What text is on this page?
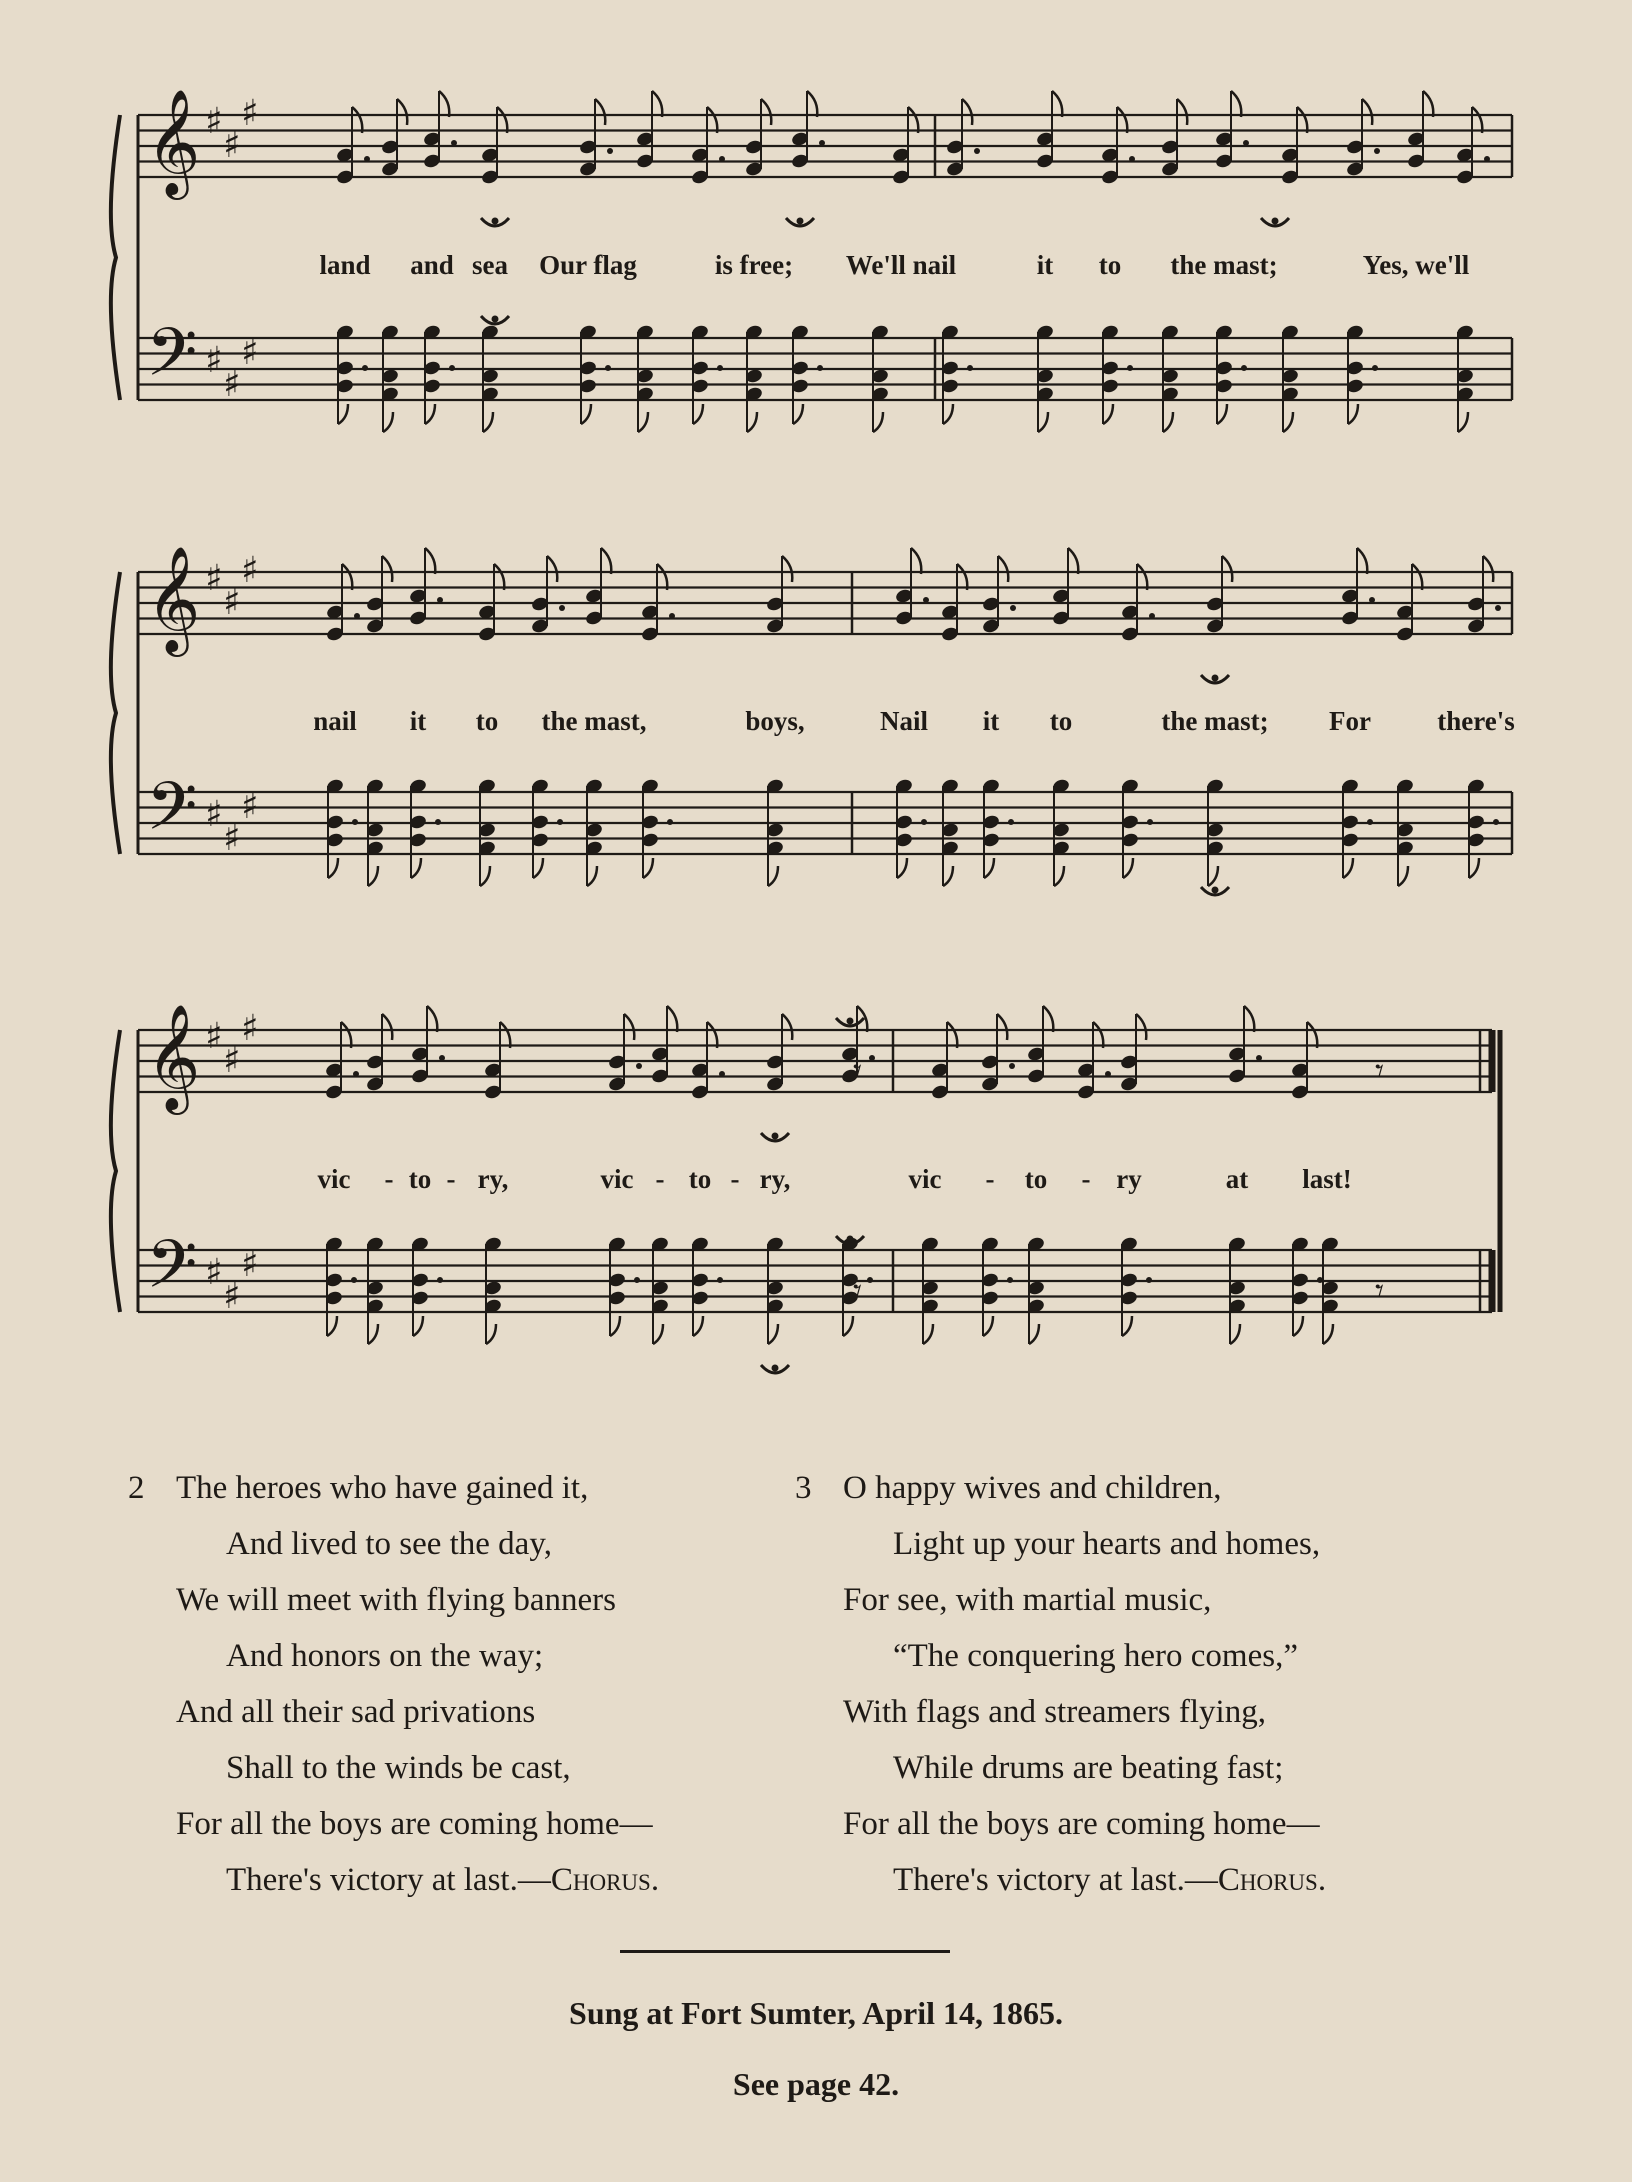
𝄞
𝄢
♯
♯
♯
♯
♯
♯
𝄞
𝄢
♯
♯
♯
♯
♯
♯
𝄞
𝄢
♯
♯
♯
♯
♯
♯
𝄾
𝄾
𝄾	𝄾
land and sea Our flag	is free; We'll nail	it to the mast;	Yes, we'll
nail it to the mast,	boys,	Nail it to	the mast; For there's
vic - to - ry,	vic - to - ry,	vic - to - ry	at last!
2 The heroes who have gained it,
And lived to see the day,
We will meet with flying banners
And honors on the way;
And all their sad privations
Shall to the winds be cast,
For all the boys are coming home—
There's victory at last.—Chorus.
3 O happy wives and children,
Light up your hearts and homes,
For see, with martial music,
“The conquering hero comes,”
With flags and streamers flying,
While drums are beating fast;
For all the boys are coming home—
There's victory at last.—Chorus.
Sung at Fort Sumter, April 14, 1865.
See page 42.
